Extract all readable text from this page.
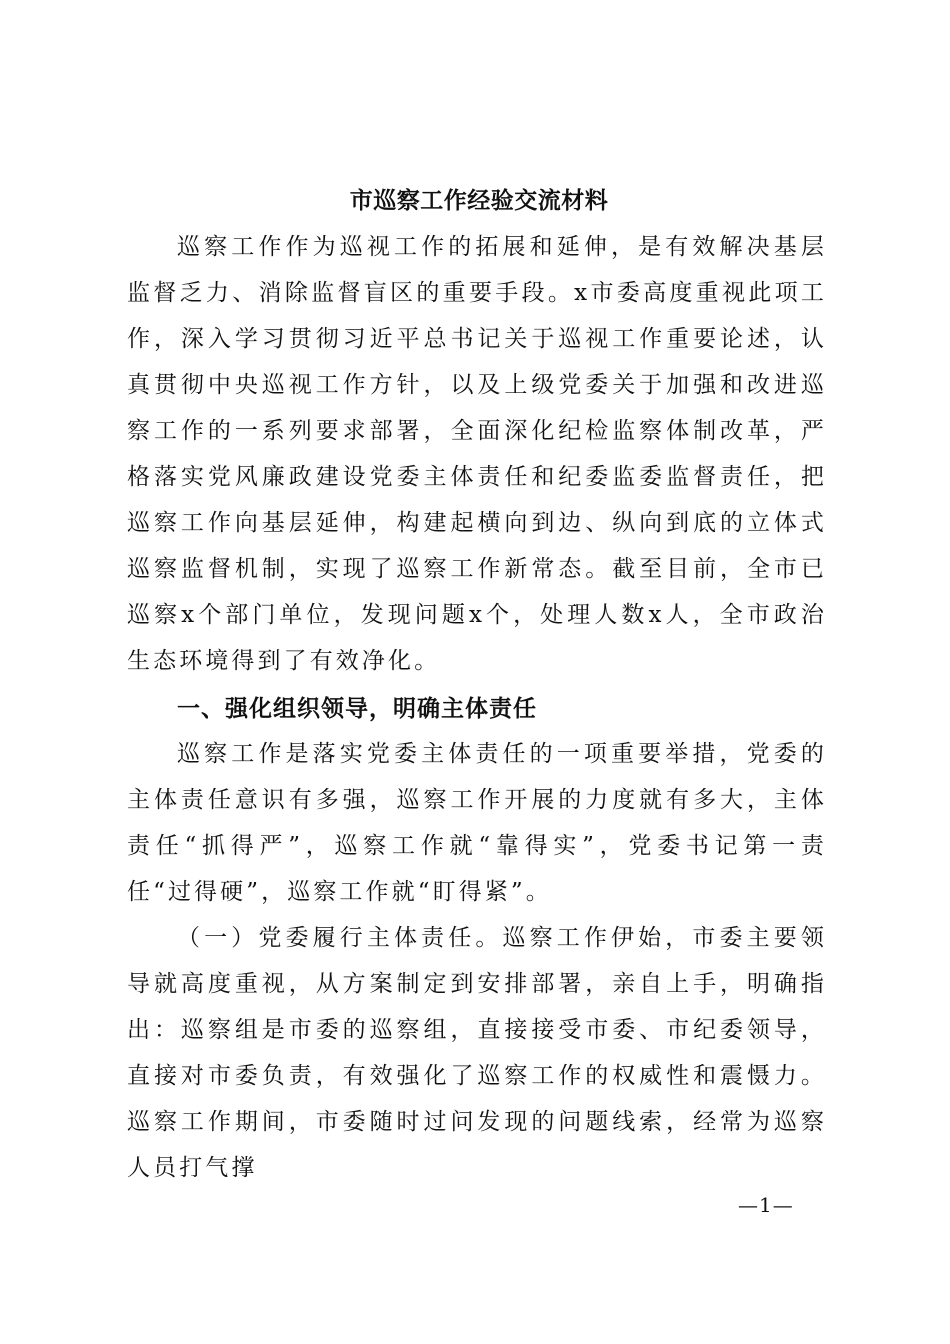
市巡察工作经验交流材料

巡察工作作为巡视工作的拓展和延伸，是有效解决基层监督乏力、消除监督盲区的重要手段。x市委高度重视此项工作，深入学习贯彻习近平总书记关于巡视工作重要论述，认真贯彻中央巡视工作方针，以及上级党委关于加强和改进巡察工作的一系列要求部署，全面深化纪检监察体制改革，严格落实党风廉政建设党委主体责任和纪委监委监督责任，把巡察工作向基层延伸，构建起横向到边、纵向到底的立体式巡察监督机制，实现了巡察工作新常态。截至目前，全市已巡察x个部门单位，发现问题x个，处理人数x人，全市政治生态环境得到了有效净化。

一、强化组织领导，明确主体责任

巡察工作是落实党委主体责任的一项重要举措，党委的主体责任意识有多强，巡察工作开展的力度就有多大，主体责任“抓得严”，巡察工作就“靠得实”，党委书记第一责任“过得硬”，巡察工作就“盯得紧”。

（一）党委履行主体责任。巡察工作伊始，市委主要领导就高度重视，从方案制定到安排部署，亲自上手，明确指出：巡察组是市委的巡察组，直接接受市委、市纪委领导，直接对市委负责，有效强化了巡察工作的权威性和震慑力。巡察工作期间，市委随时过问发现的问题线索，经常为巡察人员打气撑

—1—
